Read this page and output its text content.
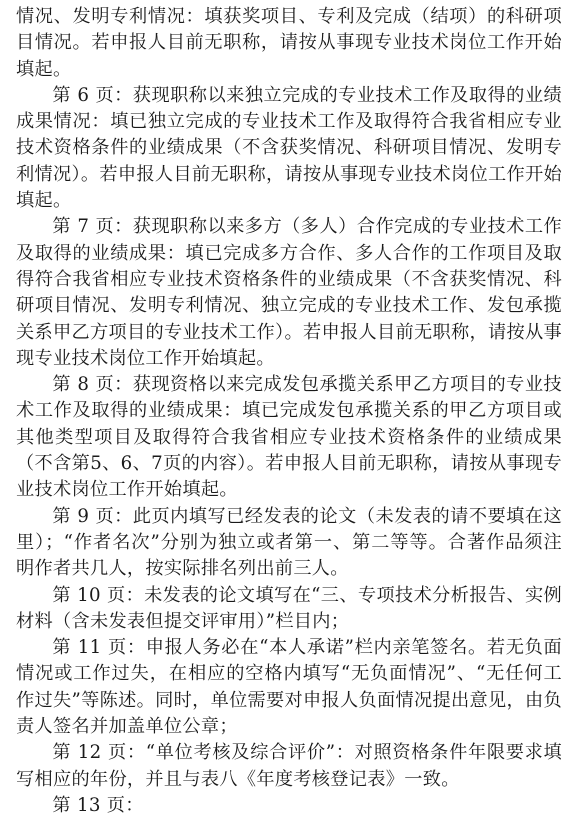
情况、发明专利情况：填获奖项目、专利及完成（结项）的科研项目情况。若申报人目前无职称，请按从事现专业技术岗位工作开始填起。

第 6 页：获现职称以来独立完成的专业技术工作及取得的业绩成果情况：填已独立完成的专业技术工作及取得符合我省相应专业技术资格条件的业绩成果（不含获奖情况、科研项目情况、发明专利情况）。若申报人目前无职称，请按从事现专业技术岗位工作开始填起。

第 7 页：获现职称以来多方（多人）合作完成的专业技术工作及取得的业绩成果：填已完成多方合作、多人合作的工作项目及取得符合我省相应专业技术资格条件的业绩成果（不含获奖情况、科研项目情况、发明专利情况、独立完成的专业技术工作、发包承揽关系甲乙方项目的专业技术工作）。若申报人目前无职称，请按从事现专业技术岗位工作开始填起。

第 8 页：获现资格以来完成发包承揽关系甲乙方项目的专业技术工作及取得的业绩成果：填已完成发包承揽关系的甲乙方项目或其他类型项目及取得符合我省相应专业技术资格条件的业绩成果（不含第5、6、7页的内容）。若申报人目前无职称，请按从事现专业技术岗位工作开始填起。

第 9 页：此页内填写已经发表的论文（未发表的请不要填在这里）；“作者名次”分别为独立或者第一、第二等等。合著作品须注明作者共几人，按实际排名列出前三人。

第 10 页：未发表的论文填写在“三、专项技术分析报告、实例材料（含未发表但提交评审用）”栏目内；

第 11 页：申报人务必在“本人承诺”栏内亲笔签名。若无负面情况或工作过失，在相应的空格内填写“无负面情况”、“无任何工作过失”等陈述。同时，单位需要对申报人负面情况提出意见，由负责人签名并加盖单位公章；

第 12 页：“单位考核及综合评价”：对照资格条件年限要求填写相应的年份，并且与表八《年度考核登记表》一致。

第 13 页：
